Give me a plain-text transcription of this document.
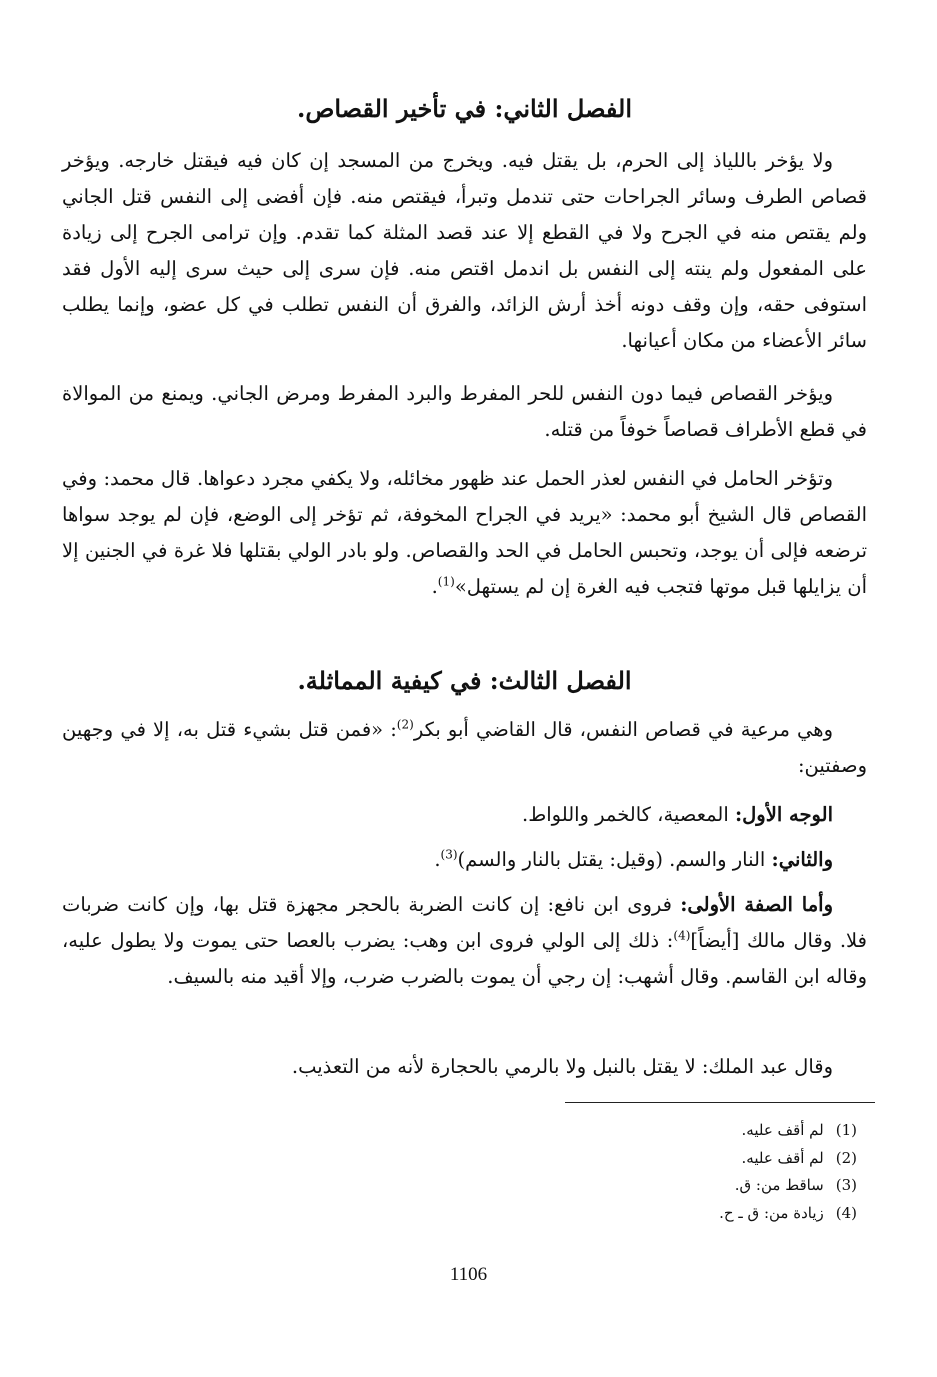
الفصل الثاني: في تأخير القصاص.

ولا يؤخر باللياذ إلى الحرم، بل يقتل فيه. ويخرج من المسجد إن كان فيه فيقتل خارجه. ويؤخر قصاص الطرف وسائر الجراحات حتى تندمل وتبرأ، فيقتص منه. فإن أفضى إلى النفس قتل الجاني ولم يقتص منه في الجرح ولا في القطع إلا عند قصد المثلة كما تقدم. وإن ترامى الجرح إلى زيادة على المفعول ولم ينته إلى النفس بل اندمل اقتص منه. فإن سرى إلى حيث سرى إليه الأول فقد استوفى حقه، وإن وقف دونه أخذ أرش الزائد، والفرق أن النفس تطلب في كل عضو، وإنما يطلب سائر الأعضاء من مكان أعيانها.

ويؤخر القصاص فيما دون النفس للحر المفرط والبرد المفرط ومرض الجاني. ويمنع من الموالاة في قطع الأطراف قصاصاً خوفاً من قتله.

وتؤخر الحامل في النفس لعذر الحمل عند ظهور مخائله، ولا يكفي مجرد دعواها. قال محمد: وفي القصاص قال الشيخ أبو محمد: «يريد في الجراح المخوفة، ثم تؤخر إلى الوضع، فإن لم يوجد سواها ترضعه فإلى أن يوجد، وتحبس الحامل في الحد والقصاص. ولو بادر الولي بقتلها فلا غرة في الجنين إلا أن يزايلها قبل موتها فتجب فيه الغرة إن لم يستهل»$^{(1)}$.

الفصل الثالث: في كيفية المماثلة.

وهي مرعية في قصاص النفس، قال القاضي أبو بكر$^{(2)}$: «فمن قتل بشيء قتل به، إلا في وجهين وصفتين:

الوجه الأول: المعصية، كالخمر واللواط.

والثاني: النار والسم. (وقيل: يقتل بالنار والسم)$^{(3)}$.

وأما الصفة الأولى: فروى ابن نافع: إن كانت الضربة بالحجر مجهزة قتل بها، وإن كانت ضربات فلا. وقال مالك [أيضاً]$^{(4)}$: ذلك إلى الولي فروى ابن وهب: يضرب بالعصا حتى يموت ولا يطول عليه، وقاله ابن القاسم. وقال أشهب: إن رجي أن يموت بالضرب ضرب، وإلا أقيد منه بالسيف.

وقال عبد الملك: لا يقتل بالنبل ولا بالرمي بالحجارة لأنه من التعذيب.

(1)
لم أقف عليه.
(2)
لم أقف عليه.
(3)
ساقط من: ق.
(4)
زيادة من: ق ـ ح.
1106
